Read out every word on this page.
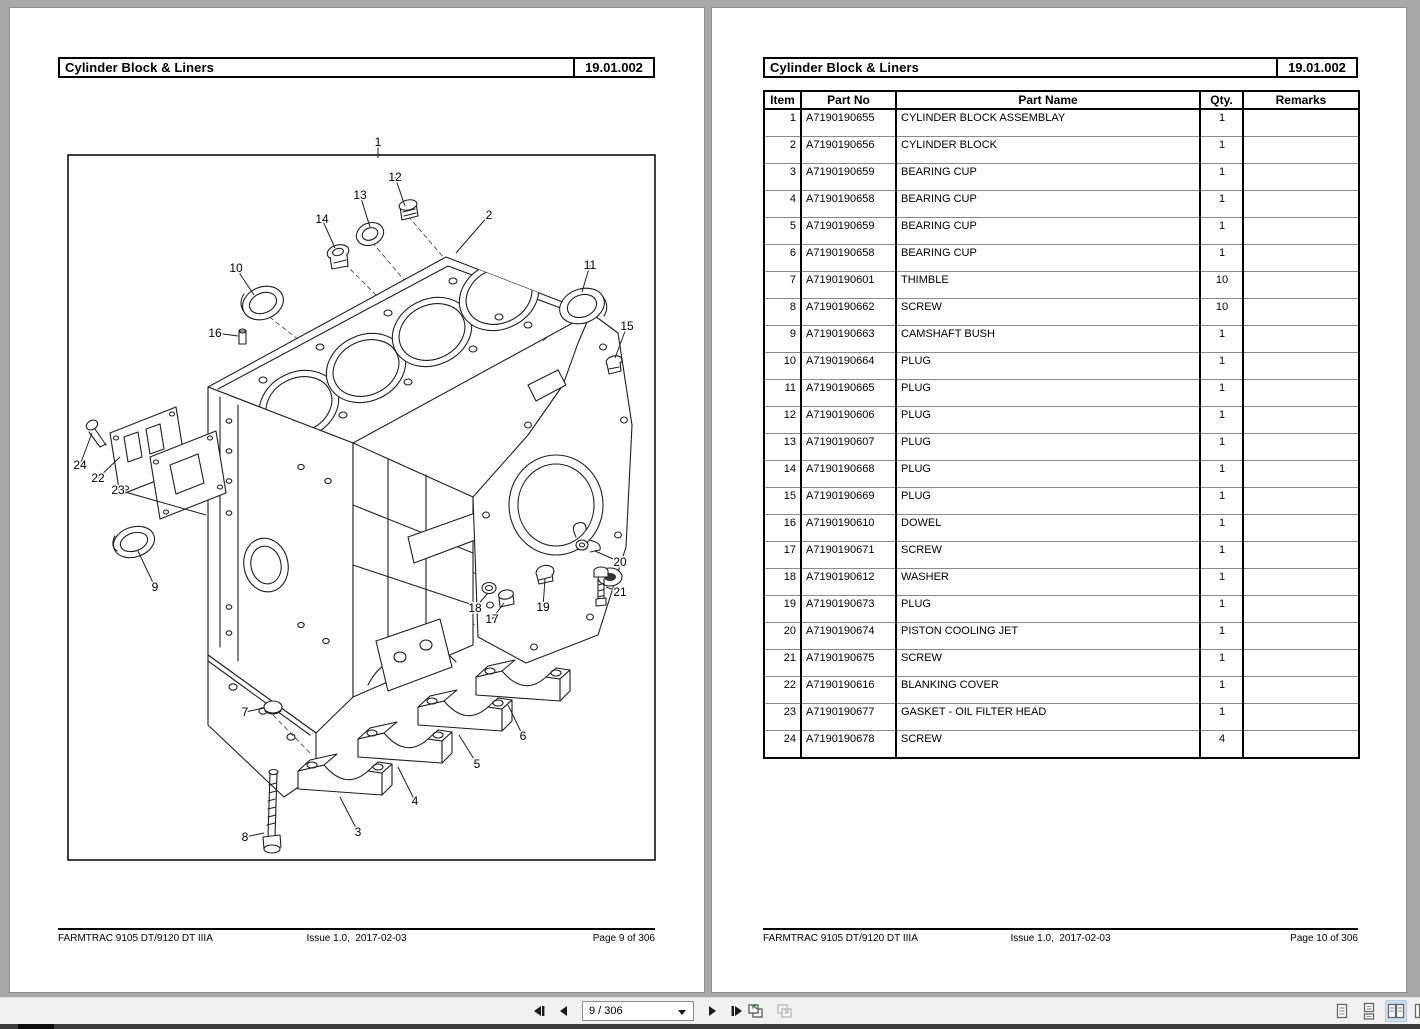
Cylinder Block & Liners	19.01.002
1
12
13
14	2
10	11
16	15
24
22
23
9
20
21
18
17
19
7
8	3
4
5
6
FARMTRAC 9105 DT/9120 DT IIIA	Issue 1.0,  2017-02-03	Page 9 of 306
Cylinder Block & Liners	19.01.002
Item	Part No	Part Name	Qty.	Remarks
1	A7190190655	CYLINDER BLOCK ASSEMBLAY	1	
2	A7190190656	CYLINDER BLOCK	1	
3	A7190190659	BEARING CUP	1	
4	A7190190658	BEARING CUP	1	
5	A7190190659	BEARING CUP	1	
6	A7190190658	BEARING CUP	1	
7	A7190190601	THIMBLE	10	
8	A7190190662	SCREW	10	
9	A7190190663	CAMSHAFT BUSH	1	
10	A7190190664	PLUG	1	
11	A7190190665	PLUG	1	
12	A7190190606	PLUG	1	
13	A7190190607	PLUG	1	
14	A7190190668	PLUG	1	
15	A7190190669	PLUG	1	
16	A7190190610	DOWEL	1	
17	A7190190671	SCREW	1	
18	A7190190612	WASHER	1	
19	A7190190673	PLUG	1	
20	A7190190674	PISTON COOLING JET	1	
21	A7190190675	SCREW	1	
22	A7190190616	BLANKING COVER	1	
23	A7190190677	GASKET - OIL FILTER HEAD	1	
24	A7190190678	SCREW	4	
FARMTRAC 9105 DT/9120 DT IIIA	Issue 1.0,  2017-02-03	Page 10 of 306
9 / 306
